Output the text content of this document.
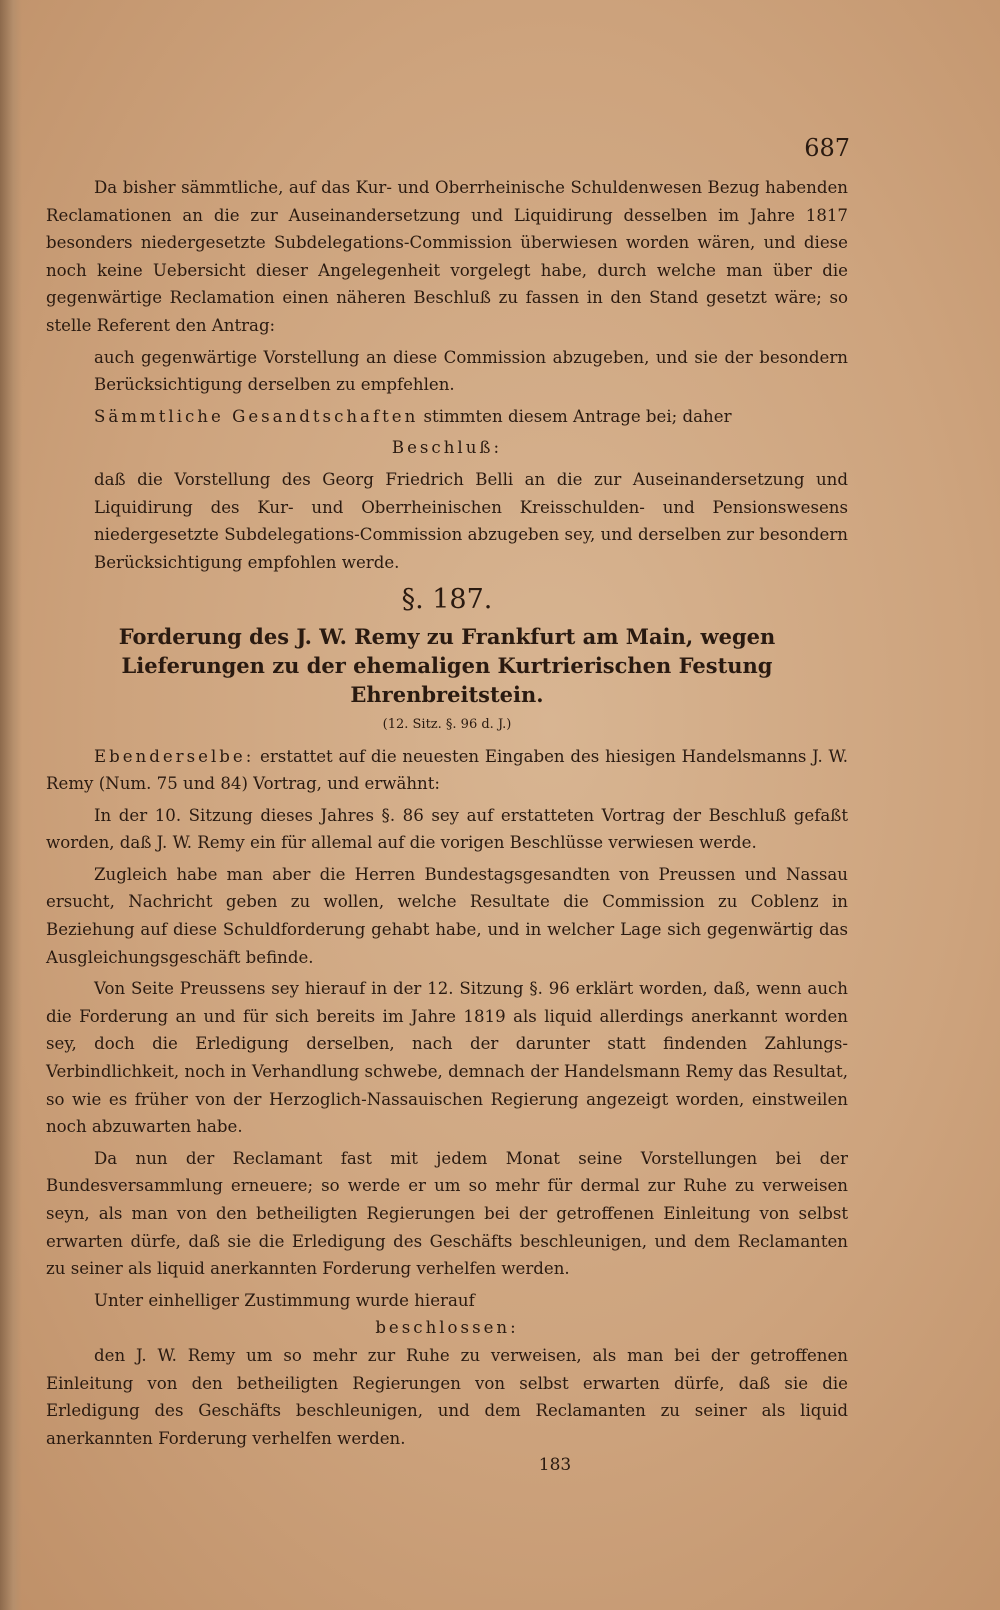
687

Da bisher sämmtliche, auf das Kur- und Oberrheinische Schuldenwesen Bezug habenden Reclamationen an die zur Auseinandersetzung und Liquidirung desselben im Jahre 1817 besonders niedergesetzte Subdelegations-Commission überwiesen worden wären, und diese noch keine Uebersicht dieser Angelegenheit vorgelegt habe, durch welche man über die gegenwärtige Reclamation einen näheren Beschluß zu fassen in den Stand gesetzt wäre; so stelle Referent den Antrag:

auch gegenwärtige Vorstellung an diese Commission abzugeben, und sie der besondern Berücksichtigung derselben zu empfehlen.

Sämmtliche Gesandtschaften stimmten diesem Antrage bei; daher

Beschluß:

daß die Vorstellung des Georg Friedrich Belli an die zur Auseinandersetzung und Liquidirung des Kur- und Oberrheinischen Kreisschulden- und Pensionswesens niedergesetzte Subdelegations-Commission abzugeben sey, und derselben zur besondern Berücksichtigung empfohlen werde.

§. 187.
Forderung des J. W. Remy zu Frankfurt am Main, wegen Lieferungen zu der ehemaligen Kurtrierischen Festung Ehrenbreitstein.
(12. Sitz. §. 96 d. J.)

Ebenderselbe: erstattet auf die neuesten Eingaben des hiesigen Handelsmanns J. W. Remy (Num. 75 und 84) Vortrag, und erwähnt:

In der 10. Sitzung dieses Jahres §. 86 sey auf erstatteten Vortrag der Beschluß gefaßt worden, daß J. W. Remy ein für allemal auf die vorigen Beschlüsse verwiesen werde.

Zugleich habe man aber die Herren Bundestagsgesandten von Preussen und Nassau ersucht, Nachricht geben zu wollen, welche Resultate die Commission zu Coblenz in Beziehung auf diese Schuldforderung gehabt habe, und in welcher Lage sich gegenwärtig das Ausgleichungsgeschäft befinde.

Von Seite Preussens sey hierauf in der 12. Sitzung §. 96 erklärt worden, daß, wenn auch die Forderung an und für sich bereits im Jahre 1819 als liquid allerdings anerkannt worden sey, doch die Erledigung derselben, nach der darunter statt findenden Zahlungs-Verbindlichkeit, noch in Verhandlung schwebe, demnach der Handelsmann Remy das Resultat, so wie es früher von der Herzoglich-Nassauischen Regierung angezeigt worden, einstweilen noch abzuwarten habe.

Da nun der Reclamant fast mit jedem Monat seine Vorstellungen bei der Bundesversammlung erneuere; so werde er um so mehr für dermal zur Ruhe zu verweisen seyn, als man von den betheiligten Regierungen bei der getroffenen Einleitung von selbst erwarten dürfe, daß sie die Erledigung des Geschäfts beschleunigen, und dem Reclamanten zu seiner als liquid anerkannten Forderung verhelfen werden.

Unter einhelliger Zustimmung wurde hierauf

beschlossen:

den J. W. Remy um so mehr zur Ruhe zu verweisen, als man bei der getroffenen Einleitung von den betheiligten Regierungen von selbst erwarten dürfe, daß sie die Erledigung des Geschäfts beschleunigen, und dem Reclamanten zu seiner als liquid anerkannten Forderung verhelfen werden.

183
